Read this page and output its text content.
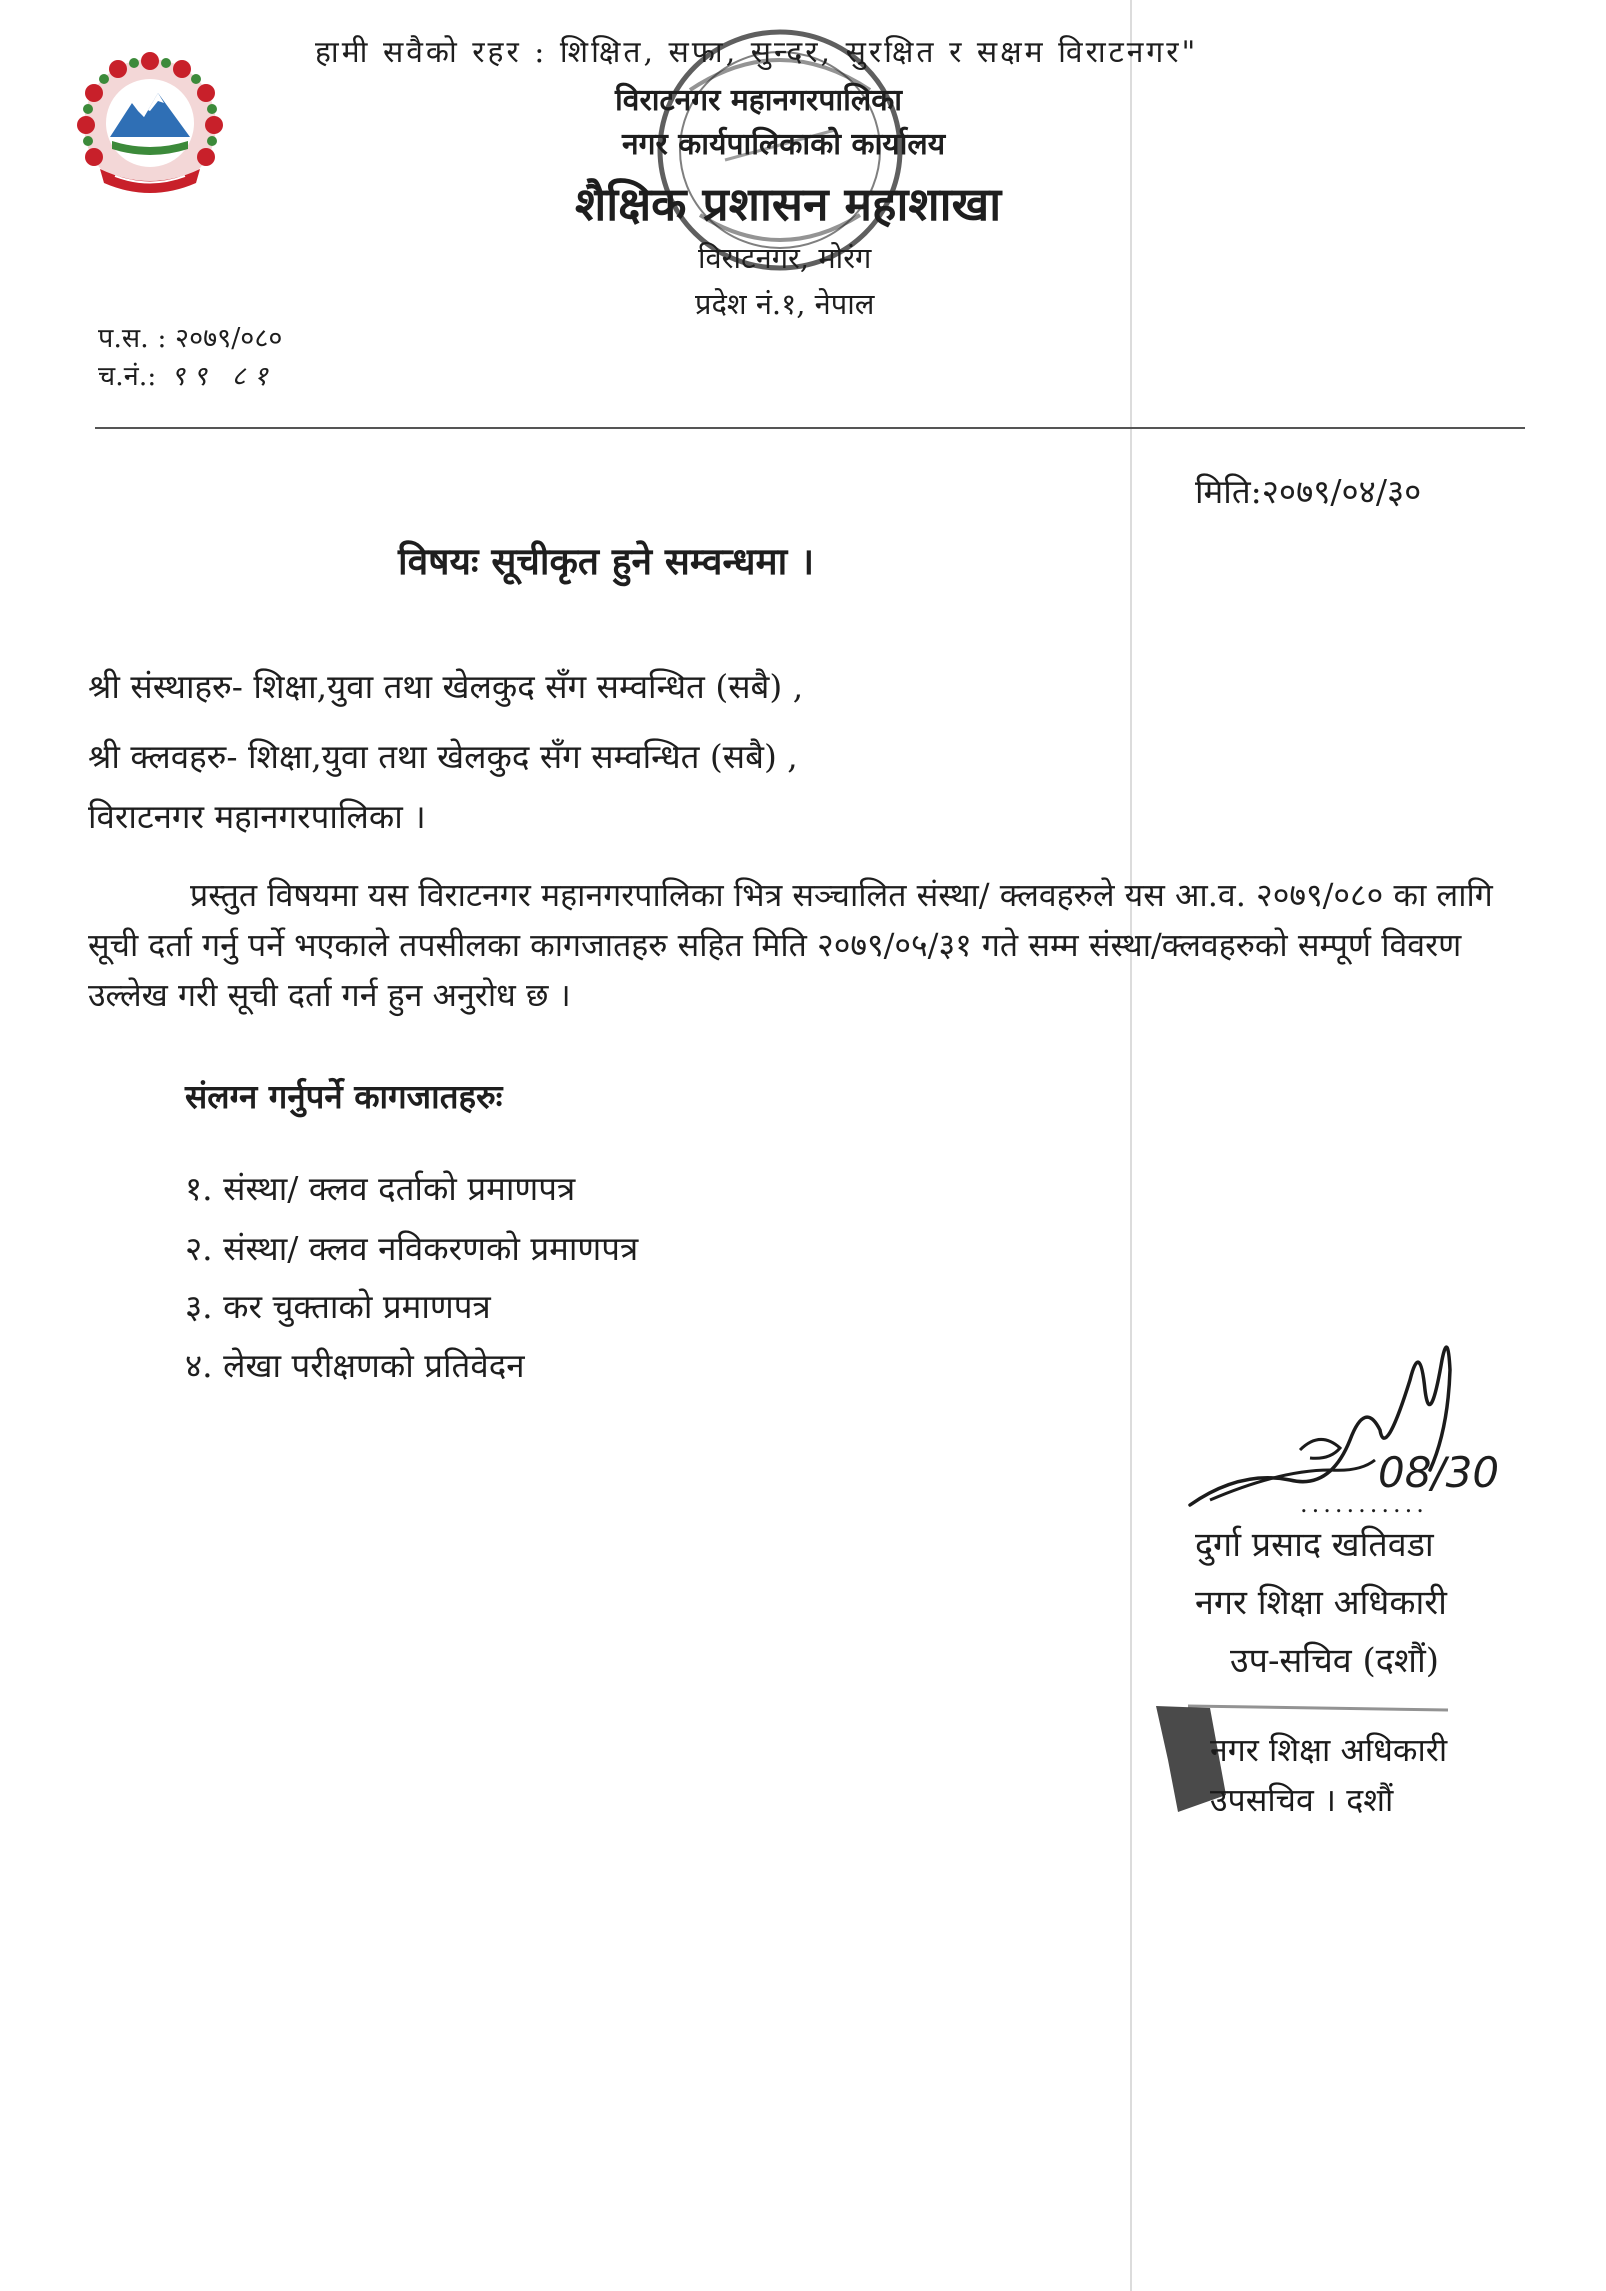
हामी सवैको रहर : शिक्षित, सफा, सुन्दर, सुरक्षित र सक्षम विराटनगर"
विराटनगर महानगरपालिका
नगर कार्यपालिकाको कार्यालय
शैक्षिक प्रशासन महाशाखा
विराटनगर, मोरंग
प्रदेश नं.१, नेपाल
प.स. : २०७९/०८०
च.नं.: ९९ ८१
मिति:२०७९/०४/३०
विषयः सूचीकृत हुने सम्वन्धमा ।
श्री संस्थाहरु- शिक्षा,युवा तथा खेलकुद सँग सम्वन्धित (सबै) ,
श्री क्लवहरु- शिक्षा,युवा तथा खेलकुद सँग सम्वन्धित (सबै) ,
विराटनगर महानगरपालिका ।
प्रस्तुत विषयमा यस विराटनगर महानगरपालिका भित्र सञ्चालित संस्था/ क्लवहरुले यस आ.व. २०७९/०८० का लागि सूची दर्ता गर्नु पर्ने भएकाले तपसीलका कागजातहरु सहित मिति २०७९/०५/३१ गते सम्म संस्था/क्लवहरुको सम्पूर्ण विवरण उल्लेख गरी सूची दर्ता गर्न हुन अनुरोध छ ।
संलग्न गर्नुपर्ने कागजातहरुः
१. संस्था/ क्लव दर्ताको प्रमाणपत्र
२. संस्था/ क्लव नविकरणको प्रमाणपत्र
३. कर चुक्ताको प्रमाणपत्र
४. लेखा परीक्षणको प्रतिवेदन
08/30
...........
दुर्गा प्रसाद खतिवडा
नगर शिक्षा अधिकारी
उप-सचिव (दशौं)
नगर शिक्षा अधिकारी
उपसचिव । दशौं
